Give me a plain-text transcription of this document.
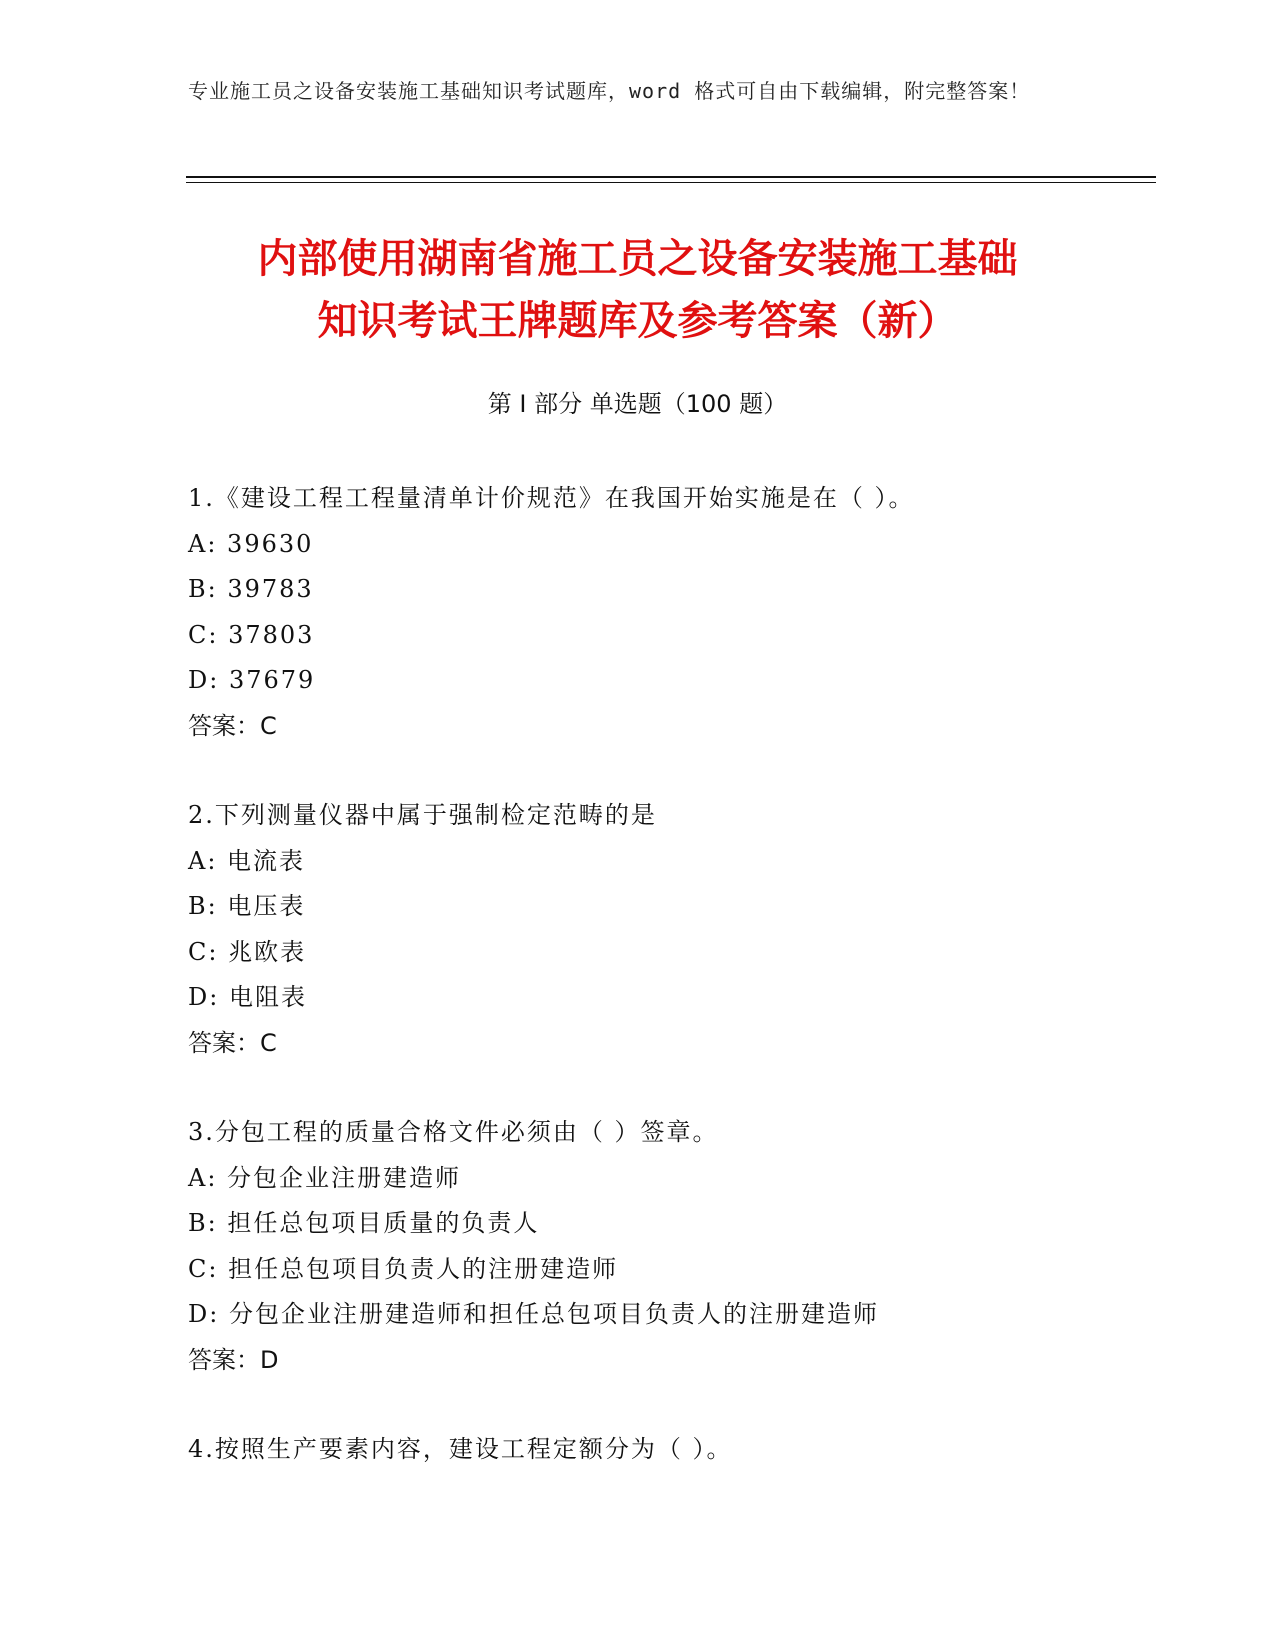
专业施工员之设备安装施工基础知识考试题库，word 格式可自由下载编辑，附完整答案！
内部使用湖南省施工员之设备安装施工基础
知识考试王牌题库及参考答案（新）
第 I 部分 单选题（100 题）
1.《建设工程工程量清单计价规范》在我国开始实施是在（ ）。
A: 39630
B: 39783
C: 37803
D: 37679
答案：C
2.下列测量仪器中属于强制检定范畴的是
A: 电流表
B: 电压表
C: 兆欧表
D: 电阻表
答案：C
3.分包工程的质量合格文件必须由（ ）签章。
A: 分包企业注册建造师
B: 担任总包项目质量的负责人
C: 担任总包项目负责人的注册建造师
D: 分包企业注册建造师和担任总包项目负责人的注册建造师
答案：D
4.按照生产要素内容，建设工程定额分为（ ）。
